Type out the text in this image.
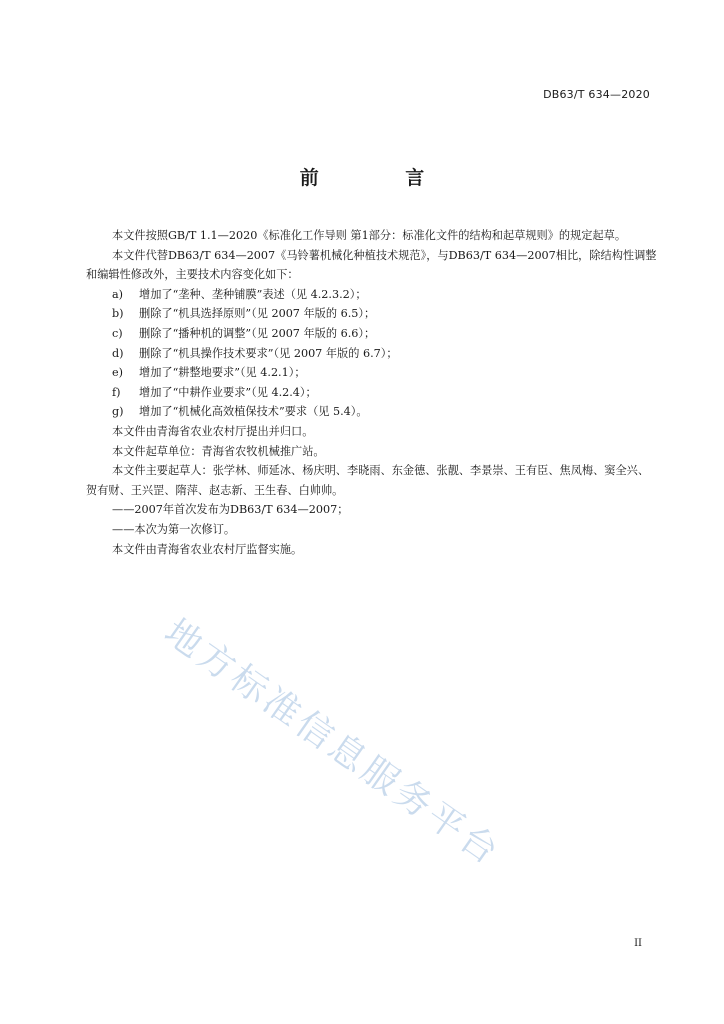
DB63/T 634—2020
前 言

本文件按照GB/T 1.1—2020《标准化工作导则 第1部分：标准化文件的结构和起草规则》的规定起草。

本文件代替DB63/T 634—2007《马铃薯机械化种植技术规范》，与DB63/T 634—2007相比，除结构性调整和编辑性修改外，主要技术内容变化如下：

a) 增加了“垄种、垄种铺膜”表述（见 4.2.3.2）；

b) 删除了“机具选择原则”（见 2007 年版的 6.5）；

c) 删除了“播种机的调整”（见 2007 年版的 6.6）；

d) 删除了“机具操作技术要求”（见 2007 年版的 6.7）；

e) 增加了“耕整地要求”（见 4.2.1）；

f) 增加了“中耕作业要求”（见 4.2.4）；

g) 增加了“机械化高效植保技术”要求（见 5.4）。

本文件由青海省农业农村厅提出并归口。

本文件起草单位：青海省农牧机械推广站。

本文件主要起草人：张学林、师延冰、杨庆明、李晓雨、东金德、张靓、李景崇、王有臣、焦凤梅、窦全兴、贺有财、王兴罡、隋萍、赵志新、王生春、白帅帅。

——2007年首次发布为DB63/T 634—2007；

——本次为第一次修订。

本文件由青海省农业农村厅监督实施。

地方标准信息服务平台
II
